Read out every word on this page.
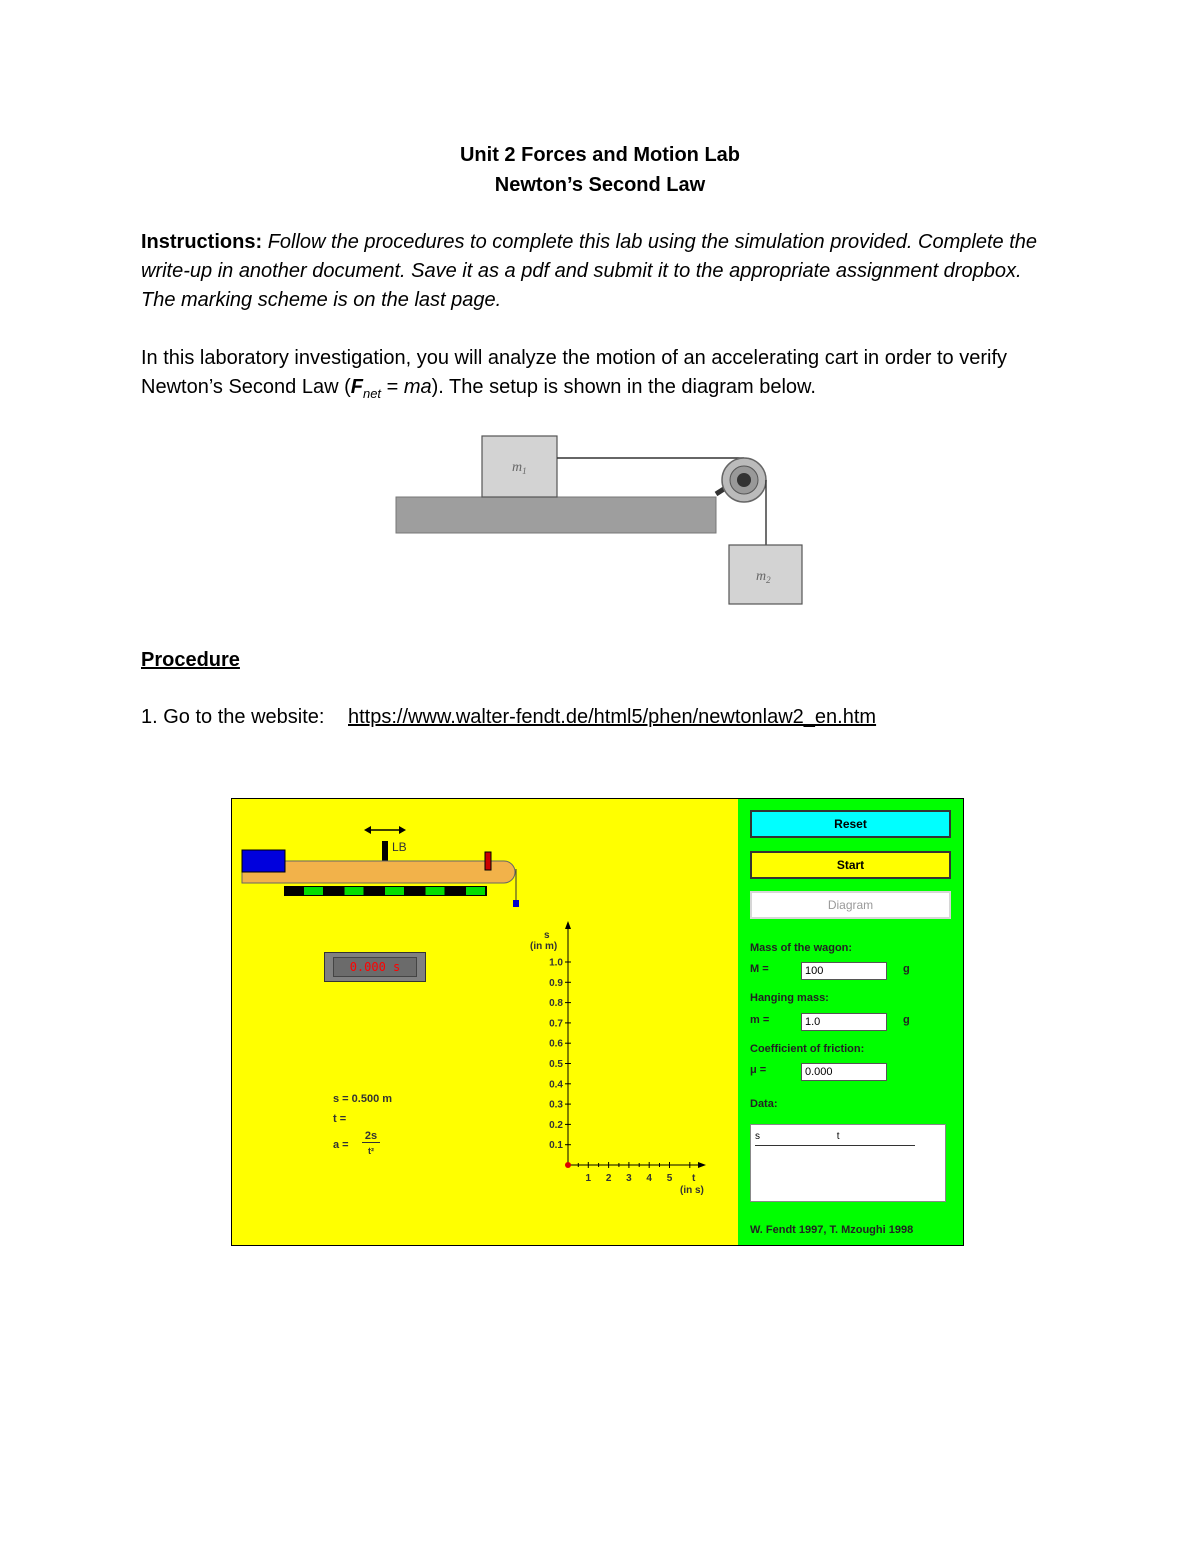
Unit 2 Forces and Motion Lab
Newton’s Second Law
Instructions: Follow the procedures to complete this lab using the simulation provided. Complete the write-up in another document. Save it as a pdf and submit it to the appropriate assignment dropbox. The marking scheme is on the last page.
In this laboratory investigation, you will analyze the motion of an accelerating cart in order to verify Newton’s Second Law $(F_{net} = ma)$. The setup is shown in the diagram below.
$m_1$
$m_2$
Procedure
1. Go to the website: https://www.walter-fendt.de/html5/phen/newtonlaw2_en.htm
LB
s
(in m)
1.0
0.9
0.8
0.7
0.6
0.5
0.4
0.3
0.2
0.1
1 2 3 4 5 t
(in s)
0.000 s
s = 0.500 m
t =
a =
2s
t²
Reset
Start
Diagram
Mass of the wagon:
M =	100	g
Hanging mass:
m =	1.0	g
Coefficient of friction:
μ =	0.000
Data:
s	t
W. Fendt 1997, T. Mzoughi 1998
